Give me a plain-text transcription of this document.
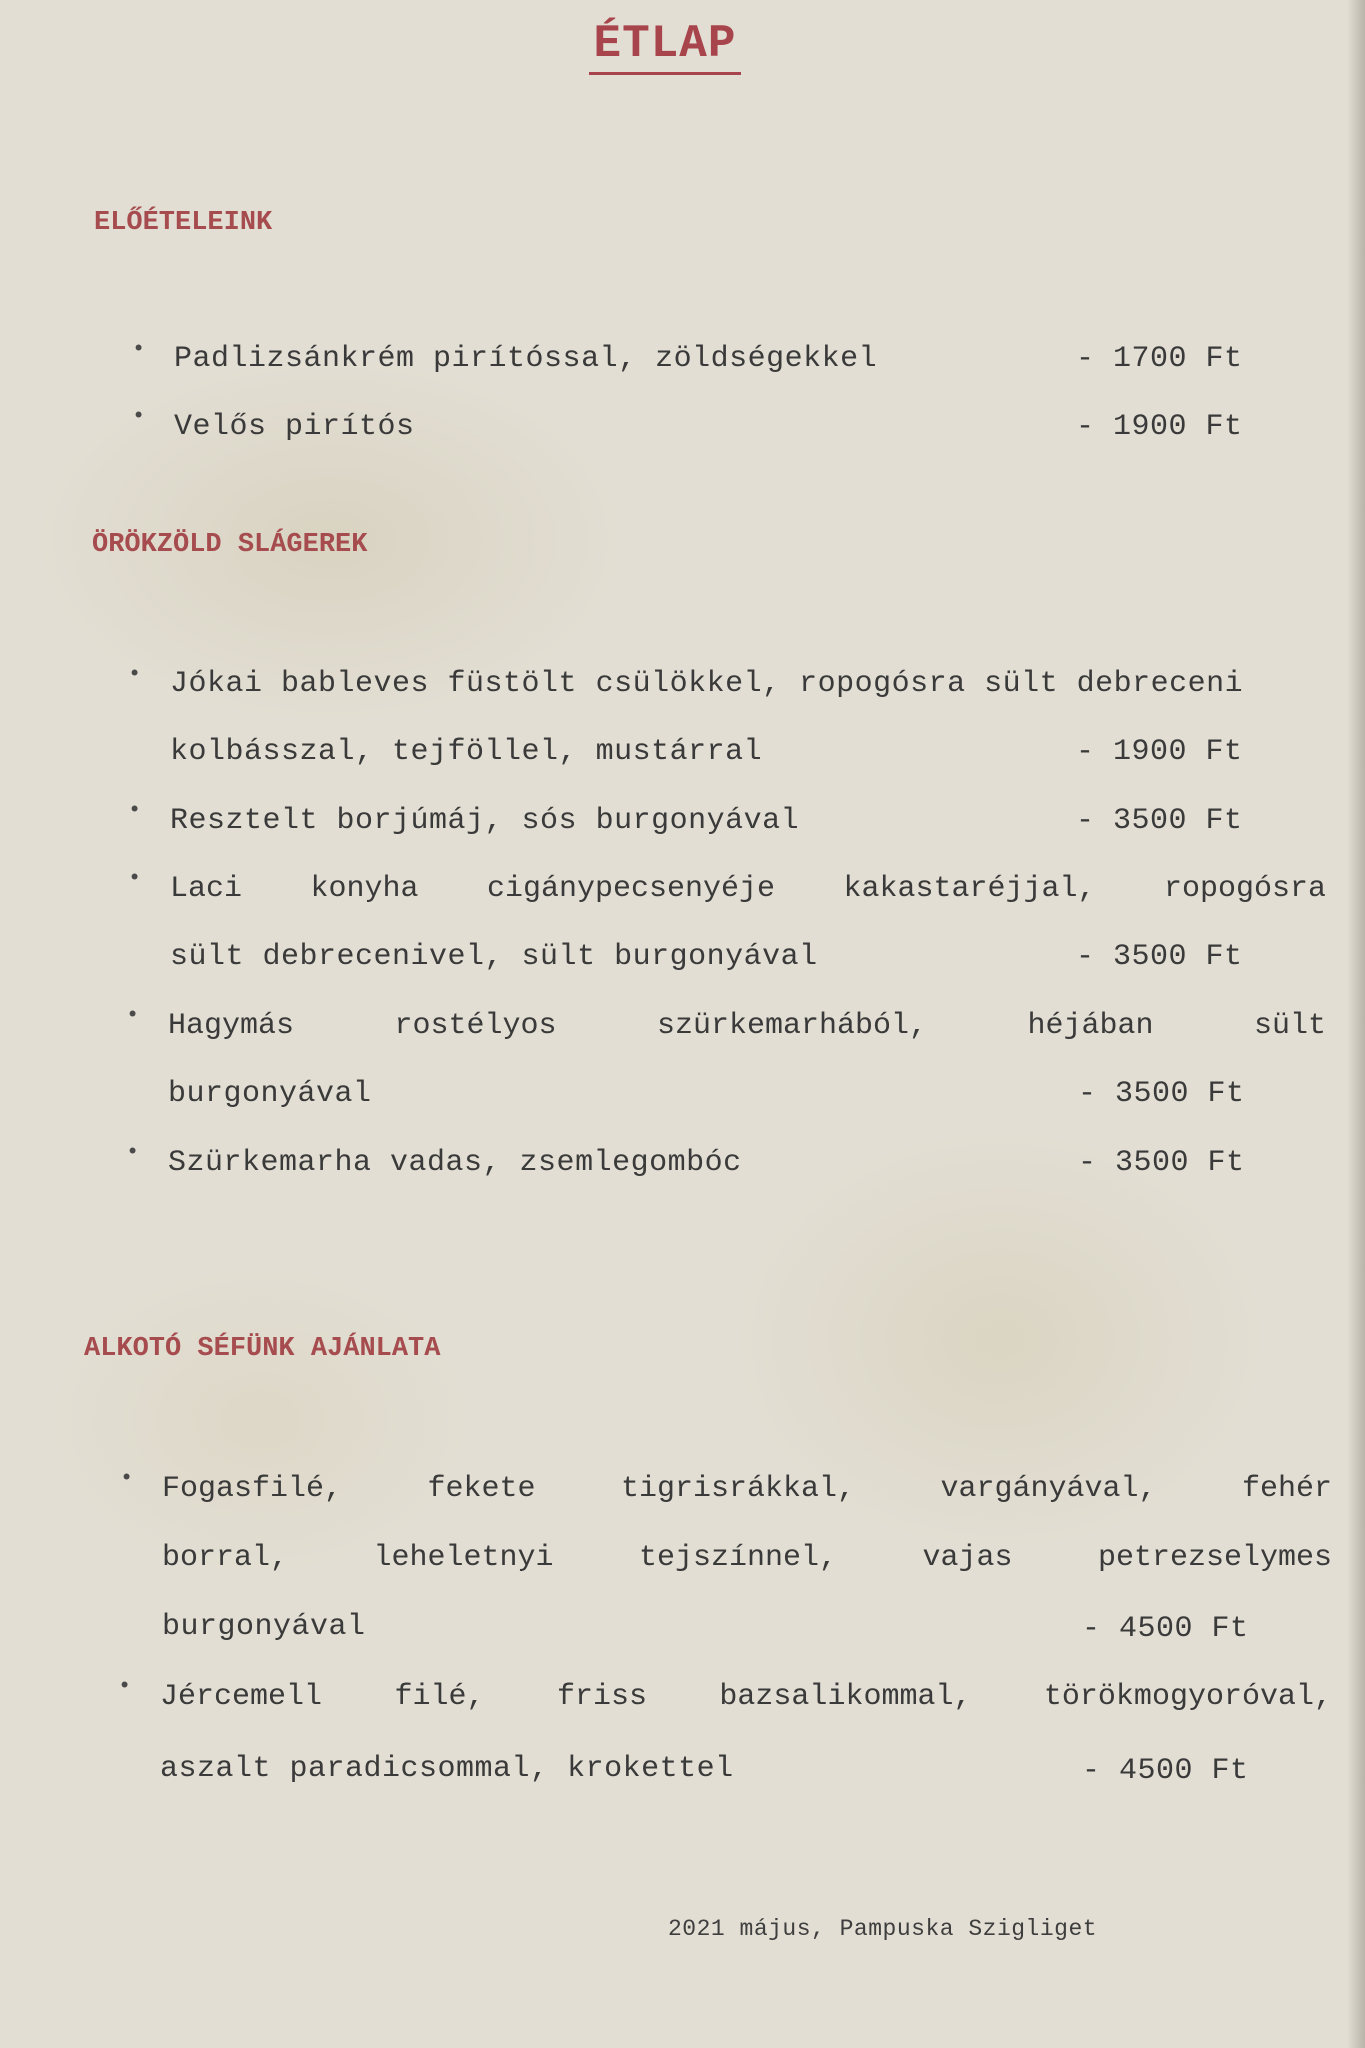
ÉTLAP
ELŐÉTELEINK
• Padlizsánkrém pirítóssal, zöldségekkel	- 1700 Ft
• Velős pirítós	- 1900 Ft
ÖRÖKZÖLD SLÁGEREK
• Jókai bableves füstölt csülökkel, ropogósra sült debreceni
kolbásszal, tejföllel, mustárral	- 1900 Ft
• Resztelt borjúmáj, sós burgonyával	- 3500 Ft
• Laci konyha cigánypecsenyéje kakastaréjjal, ropogósra
sült debrecenivel, sült burgonyával	- 3500 Ft
• Hagymás	rostélyos	szürkemarhából,	héjában	sült
burgonyával	- 3500 Ft
• Szürkemarha vadas, zsemlegombóc	- 3500 Ft
ALKOTÓ SÉFÜNK AJÁNLATA
• Fogasfilé,	fekete	tigrisrákkal,	vargányával,	fehér
borral,	leheletnyi	tejszínnel,	vajas	petrezselymes
burgonyával	- 4500 Ft
• Jércemell filé, friss bazsalikommal, törökmogyoróval,
aszalt paradicsommal, krokettel	- 4500 Ft
2021 május, Pampuska Szigliget
